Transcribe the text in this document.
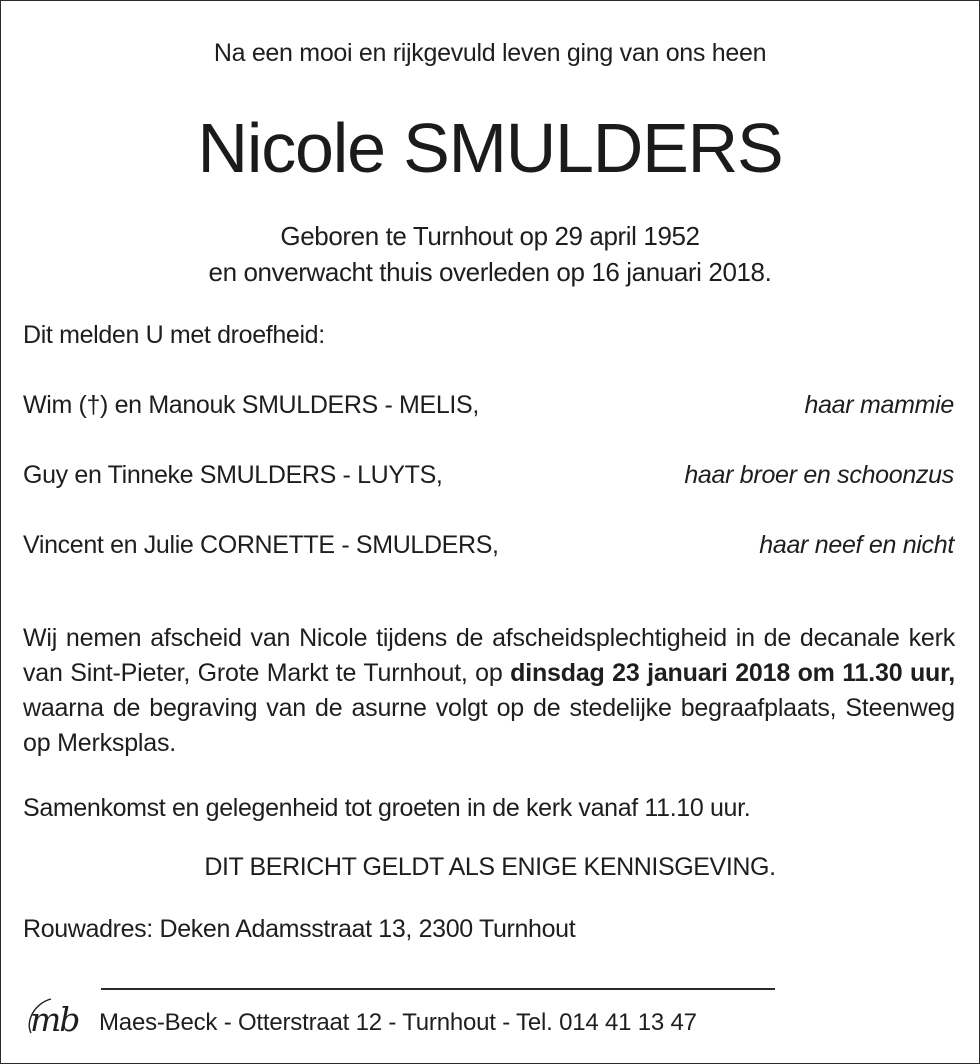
Na een mooi en rijkgevuld leven ging van ons heen
Nicole SMULDERS
Geboren te Turnhout op 29 april 1952
en onverwacht thuis overleden op 16 januari 2018.
Dit melden U met droefheid:
Wim (†) en Manouk SMULDERS - MELIS,	haar mammie
Guy en Tinneke SMULDERS - LUYTS,	haar broer en schoonzus
Vincent en Julie CORNETTE - SMULDERS,	haar neef en nicht
Wij nemen afscheid van Nicole tijdens de afscheidsplechtigheid in de decanale kerk van Sint-Pieter, Grote Markt te Turnhout, op dinsdag 23 januari 2018 om 11.30 uur, waarna de begraving van de asurne volgt op de stedelijke begraafplaats, Steenweg op Merksplas.
Samenkomst en gelegenheid tot groeten in de kerk vanaf 11.10 uur.
DIT BERICHT GELDT ALS ENIGE KENNISGEVING.
Rouwadres: Deken Adamsstraat 13, 2300 Turnhout
mb Maes-Beck - Otterstraat 12 - Turnhout - Tel. 014 41 13 47
